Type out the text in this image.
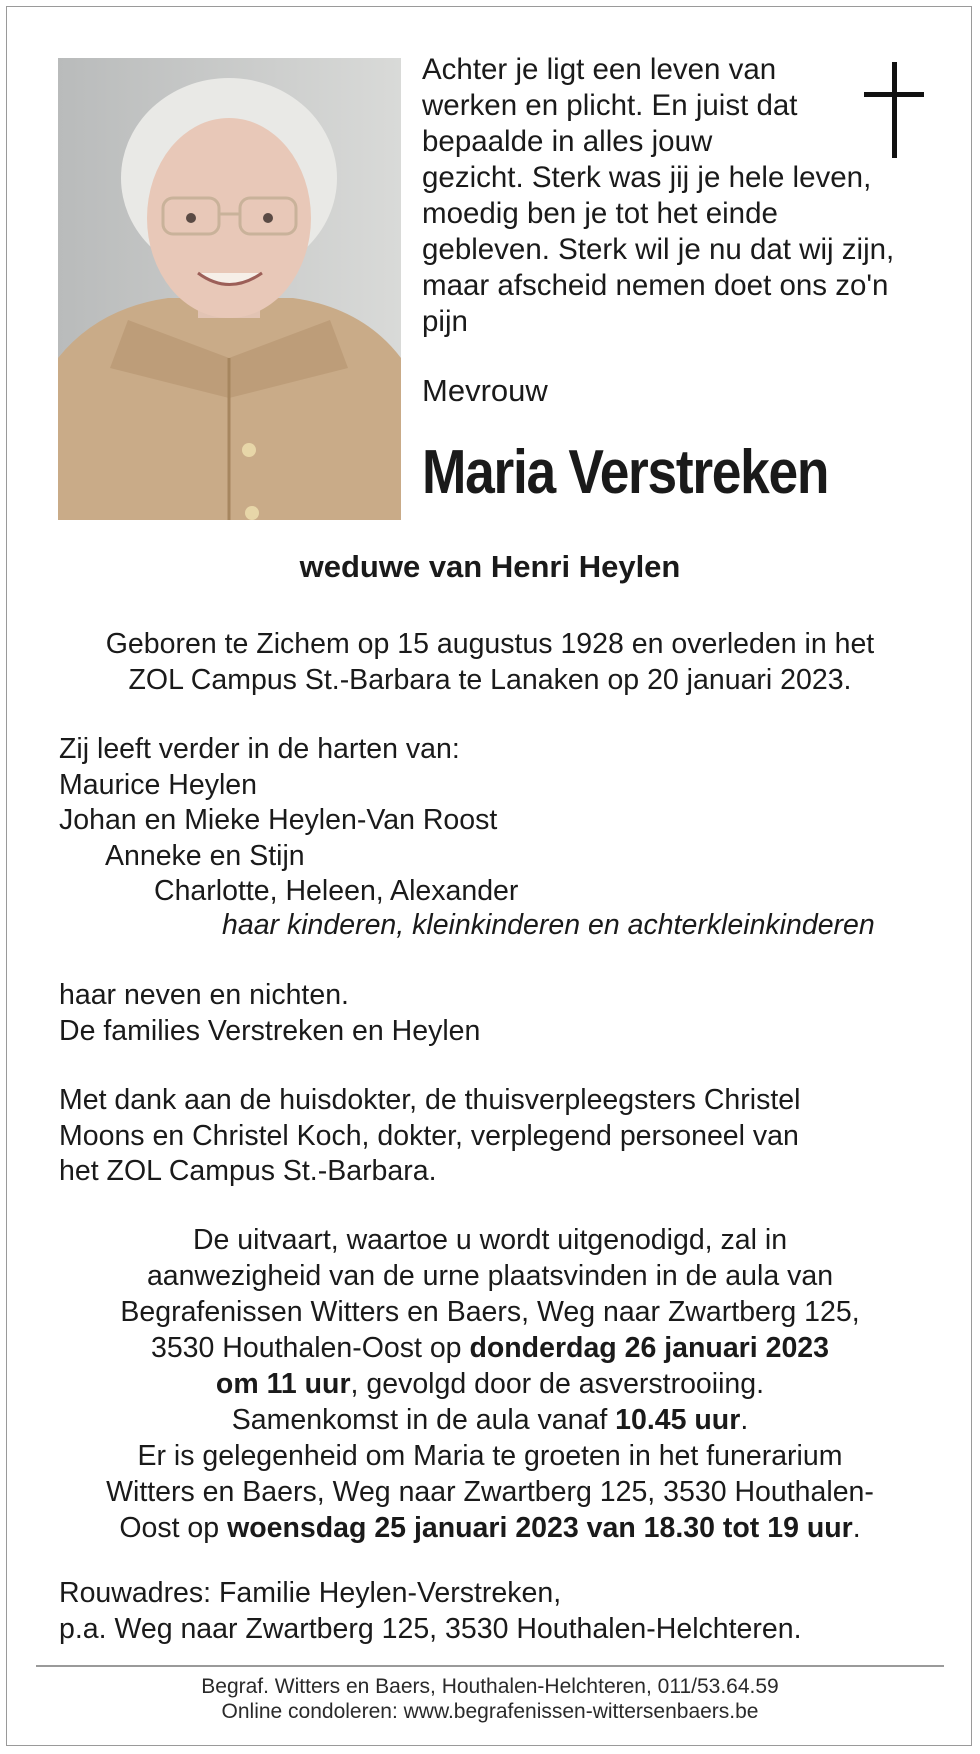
Achter je ligt een leven van
werken en plicht. En juist dat
bepaalde in alles jouw
gezicht. Sterk was jij je hele leven,
moedig ben je tot het einde
gebleven. Sterk wil je nu dat wij zijn,
maar afscheid nemen doet ons zo'n
pijn
Mevrouw
Maria Verstreken
weduwe van Henri Heylen
Geboren te Zichem op 15 augustus 1928 en overleden in het
ZOL Campus St.-Barbara te Lanaken op 20 januari 2023.
Zij leeft verder in de harten van:
Maurice Heylen
Johan en Mieke Heylen-Van Roost
Anneke en Stijn
Charlotte, Heleen, Alexander
haar kinderen, kleinkinderen en achterkleinkinderen
haar neven en nichten.
De families Verstreken en Heylen
Met dank aan de huisdokter, de thuisverpleegsters Christel
Moons en Christel Koch, dokter, verplegend personeel van
het ZOL Campus St.-Barbara.
De uitvaart, waartoe u wordt uitgenodigd, zal in
aanwezigheid van de urne plaatsvinden in de aula van
Begrafenissen Witters en Baers, Weg naar Zwartberg 125,
3530 Houthalen-Oost op donderdag 26 januari 2023
om 11 uur, gevolgd door de asverstrooiing.
Samenkomst in de aula vanaf 10.45 uur.
Er is gelegenheid om Maria te groeten in het funerarium
Witters en Baers, Weg naar Zwartberg 125, 3530 Houthalen-
Oost op woensdag 25 januari 2023 van 18.30 tot 19 uur.
Rouwadres: Familie Heylen-Verstreken,
p.a. Weg naar Zwartberg 125, 3530 Houthalen-Helchteren.
Begraf. Witters en Baers, Houthalen-Helchteren, 011/53.64.59
Online condoleren: www.begrafenissen-wittersenbaers.be
